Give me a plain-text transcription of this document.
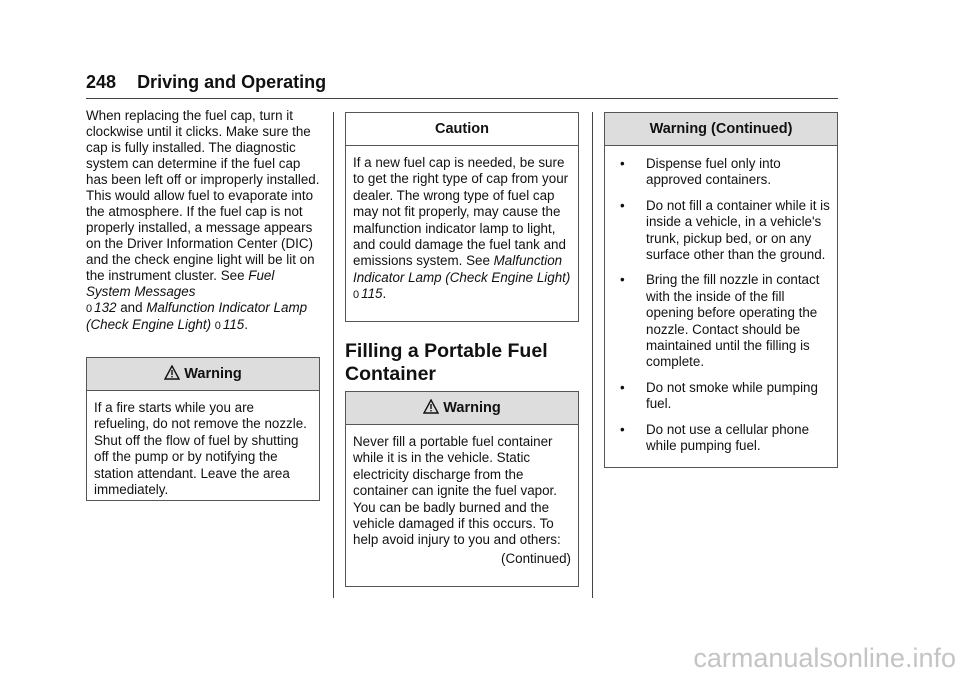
248 Driving and Operating

When replacing the fuel cap, turn it clockwise until it clicks. Make sure the cap is fully installed. The diagnostic system can determine if the fuel cap has been left off or improperly installed. This would allow fuel to evaporate into the atmosphere. If the fuel cap is not properly installed, a message appears on the Driver Information Center (DIC) and the check engine light will be lit on the instrument cluster. See Fuel System Messages
0 132 and Malfunction Indicator Lamp (Check Engine Light) 0 115.

Warning
If a fire starts while you are refueling, do not remove the nozzle. Shut off the flow of fuel by shutting off the pump or by notifying the station attendant. Leave the area immediately.
Caution
If a new fuel cap is needed, be sure to get the right type of cap from your dealer. The wrong type of fuel cap may not fit properly, may cause the malfunction indicator lamp to light, and could damage the fuel tank and emissions system. See Malfunction Indicator Lamp (Check Engine Light) 0 115.
Filling a Portable Fuel Container
Warning
Never fill a portable fuel container while it is in the vehicle. Static electricity discharge from the container can ignite the fuel vapor. You can be badly burned and the vehicle damaged if this occurs. To help avoid injury to you and others:
(Continued)
Warning (Continued)
• Dispense fuel only into approved containers.
• Do not fill a container while it is inside a vehicle, in a vehicle's trunk, pickup bed, or on any surface other than the ground.
• Bring the fill nozzle in contact with the inside of the fill opening before operating the nozzle. Contact should be maintained until the filling is complete.
• Do not smoke while pumping fuel.
• Do not use a cellular phone while pumping fuel.
carmanualsonline.info
